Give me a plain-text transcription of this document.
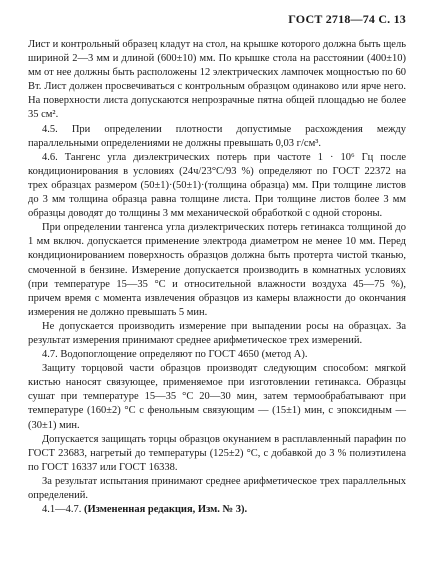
ГОСТ 2718—74 С. 13

Лист и контрольный образец кладут на стол, на крышке которого должна быть щель шириной 2—3 мм и длиной (600±10) мм. По крышке стола на расстоянии (400±10) мм от нее должны быть расположены 12 электрических лампочек мощностью по 60 Вт. Лист должен просвечиваться с контрольным образцом одинаково или ярче него. На поверхности листа допускаются непрозрачные пятна общей площадью не более 35 см².

4.5. При определении плотности допустимые расхождения между параллельными определениями не должны превышать 0,03 г/см³.

4.6. Тангенс угла диэлектрических потерь при частоте 1 · 10⁶ Гц после кондиционирования в условиях (24ч/23°С/93 %) определяют по ГОСТ 22372 на трех образцах размером (50±1)·(50±1)·(толщина образца) мм. При толщине листов до 3 мм толщина образца равна толщине листа. При толщине листов более 3 мм образцы доводят до толщины 3 мм механической обработкой с одной стороны.

При определении тангенса угла диэлектрических потерь гетинакса толщиной до 1 мм включ. допускается применение электрода диаметром не менее 10 мм. Перед кондиционированием поверхность образцов должна быть протерта чистой тканью, смоченной в бензине. Измерение допускается производить в комнатных условиях (при температуре 15—35 °С и относительной влажности воздуха 45—75 %), причем время с момента извлечения образцов из камеры влажности до окончания измерения не должно превышать 5 мин.

Не допускается производить измерение при выпадении росы на образцах. За результат измерения принимают среднее арифметическое трех измерений.

4.7. Водопоглощение определяют по ГОСТ 4650 (метод А).

Защиту торцовой части образцов производят следующим способом: мягкой кистью наносят связующее, применяемое при изготовлении гетинакса. Образцы сушат при температуре 15—35 °С 20—30 мин, затем термообрабатывают при температуре (160±2) °С с фенольным связующим — (15±1) мин, с эпоксидным — (30±1) мин.

Допускается защищать торцы образцов окунанием в расплавленный парафин по ГОСТ 23683, нагретый до температуры (125±2) °С, с добавкой до 3 % полиэтилена по ГОСТ 16337 или ГОСТ 16338.

За результат испытания принимают среднее арифметическое трех параллельных определений.

4.1—4.7. (Измененная редакция, Изм. № 3).
